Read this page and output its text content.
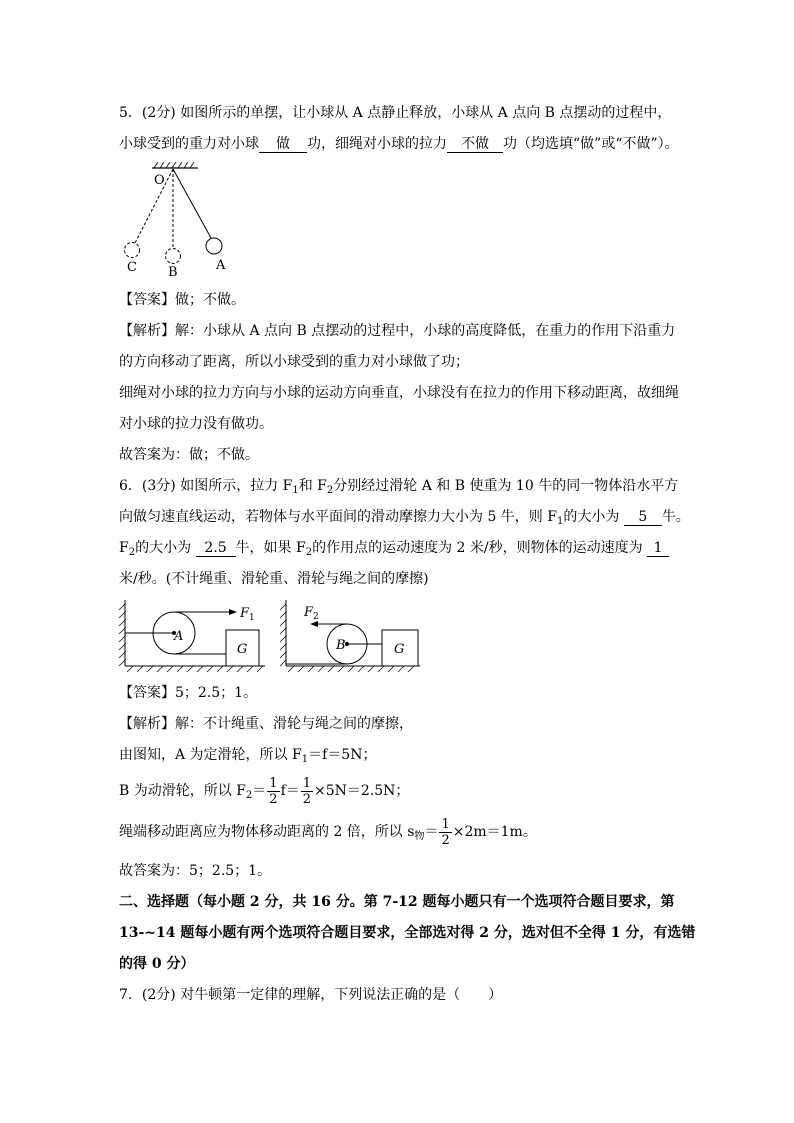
5．(2分) 如图所示的单摆，让小球从 A 点静止释放，小球从 A 点向 B 点摆动的过程中，
小球受到的重力对小球 做 功，细绳对小球的拉力 不做 功（均选填“做”或“不做”）。
O
A
B
C
【答案】做；不做。
【解析】解：小球从 A 点向 B 点摆动的过程中，小球的高度降低，在重力的作用下沿重力
的方向移动了距离，所以小球受到的重力对小球做了功；
细绳对小球的拉力方向与小球的运动方向垂直，小球没有在拉力的作用下移动距离，故细绳
对小球的拉力没有做功。
故答案为：做；不做。
6．(3分) 如图所示，拉力 $F_1$和 $F_2$分别经过滑轮 A 和 B 使重为 10 牛的同一物体沿水平方
向做匀速直线运动，若物体与水平面间的滑动摩擦力大小为 5 牛，则 $F_1$的大小为 5 牛。
$F_2$的大小为 2.5 牛，如果 $F_2$的作用点的运动速度为 2 米/秒，则物体的运动速度为 1
米/秒。(不计绳重、滑轮重、滑轮与绳之间的摩擦)
F 1
A
G
F 2
B	G
【答案】5；2.5；1。
【解析】解：不计绳重、滑轮与绳之间的摩擦，
由图知，A 为定滑轮，所以 $F_1=f=5N$；
B 为动滑轮，所以 $F_2= \frac{1}{2} f= \frac{1}{2} \times 5N=2.5N$；
绳端移动距离应为物体移动距离的 2 倍，所以 $s_物= \frac{1}{2} \times 2m=1m$。
故答案为：5；2.5；1。
二、选择题（每小题 2 分，共 16 分。第 7-12 题每小题只有一个选项符合题目要求，第
13-~14 题每小题有两个选项符合题目要求，全部选对得 2 分，选对但不全得 1 分，有选错
的得 0 分）
7．(2分) 对牛顿第一定律的理解，下列说法正确的是（　　）
